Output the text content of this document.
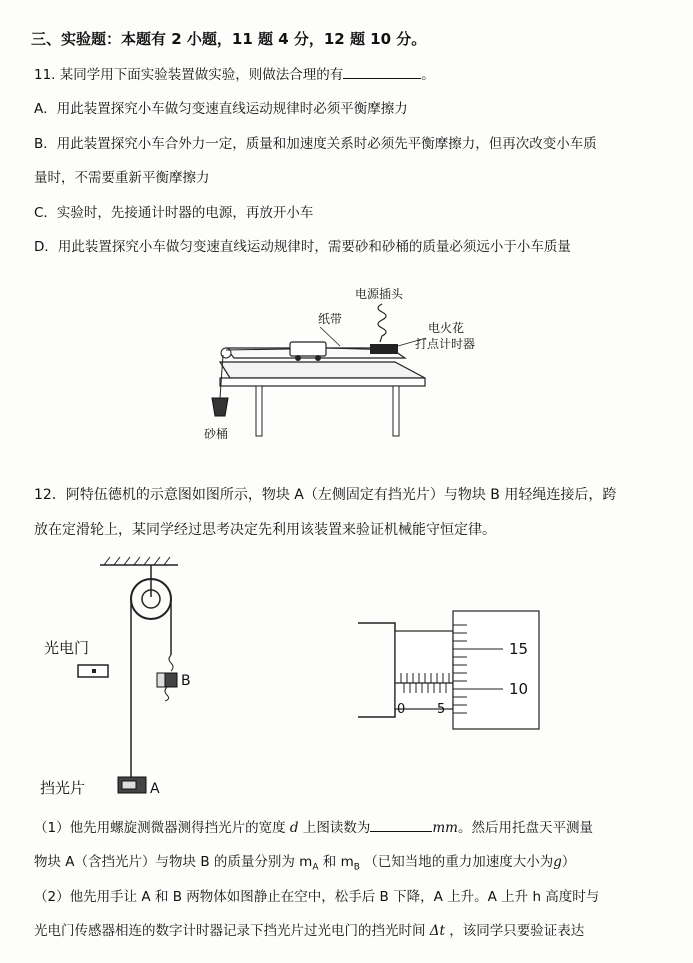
三、实验题：本题有 2 小题，11 题 4 分，12 题 10 分。
11. 某同学用下面实验装置做实验，则做法合理的有	。
A．用此装置探究小车做匀变速直线运动规律时必须平衡摩擦力
B．用此装置探究小车合外力一定，质量和加速度关系时必须先平衡摩擦力，但再次改变小车质
量时，不需要重新平衡摩擦力
C．实验时，先接通计时器的电源，再放开小车
D．用此装置探究小车做匀变速直线运动规律时，需要砂和砂桶的质量必须远小于小车质量
电源插头
纸带
电火花
打点计时器
砂桶
12．阿特伍德机的示意图如图所示，物块 A（左侧固定有挡光片）与物块 B 用轻绳连接后，跨
放在定滑轮上，某同学经过思考决定先利用该装置来验证机械能守恒定律。
B
光电门
挡光片	A
0 5
15
10
（1）他先用螺旋测微器测得挡光片的宽度 d 上图读数为	mm。然后用托盘天平测量
物块 A（含挡光片）与物块 B 的质量分别为 $m_A$ 和 $m_B$ （已知当地的重力加速度大小为g）
（2）他先用手让 A 和 B 两物体如图静止在空中，松手后 B 下降，A 上升。A 上升 h 高度时与
光电门传感器相连的数字计时器记录下挡光片过光电门的挡光时间 Δt ，该同学只要验证表达
